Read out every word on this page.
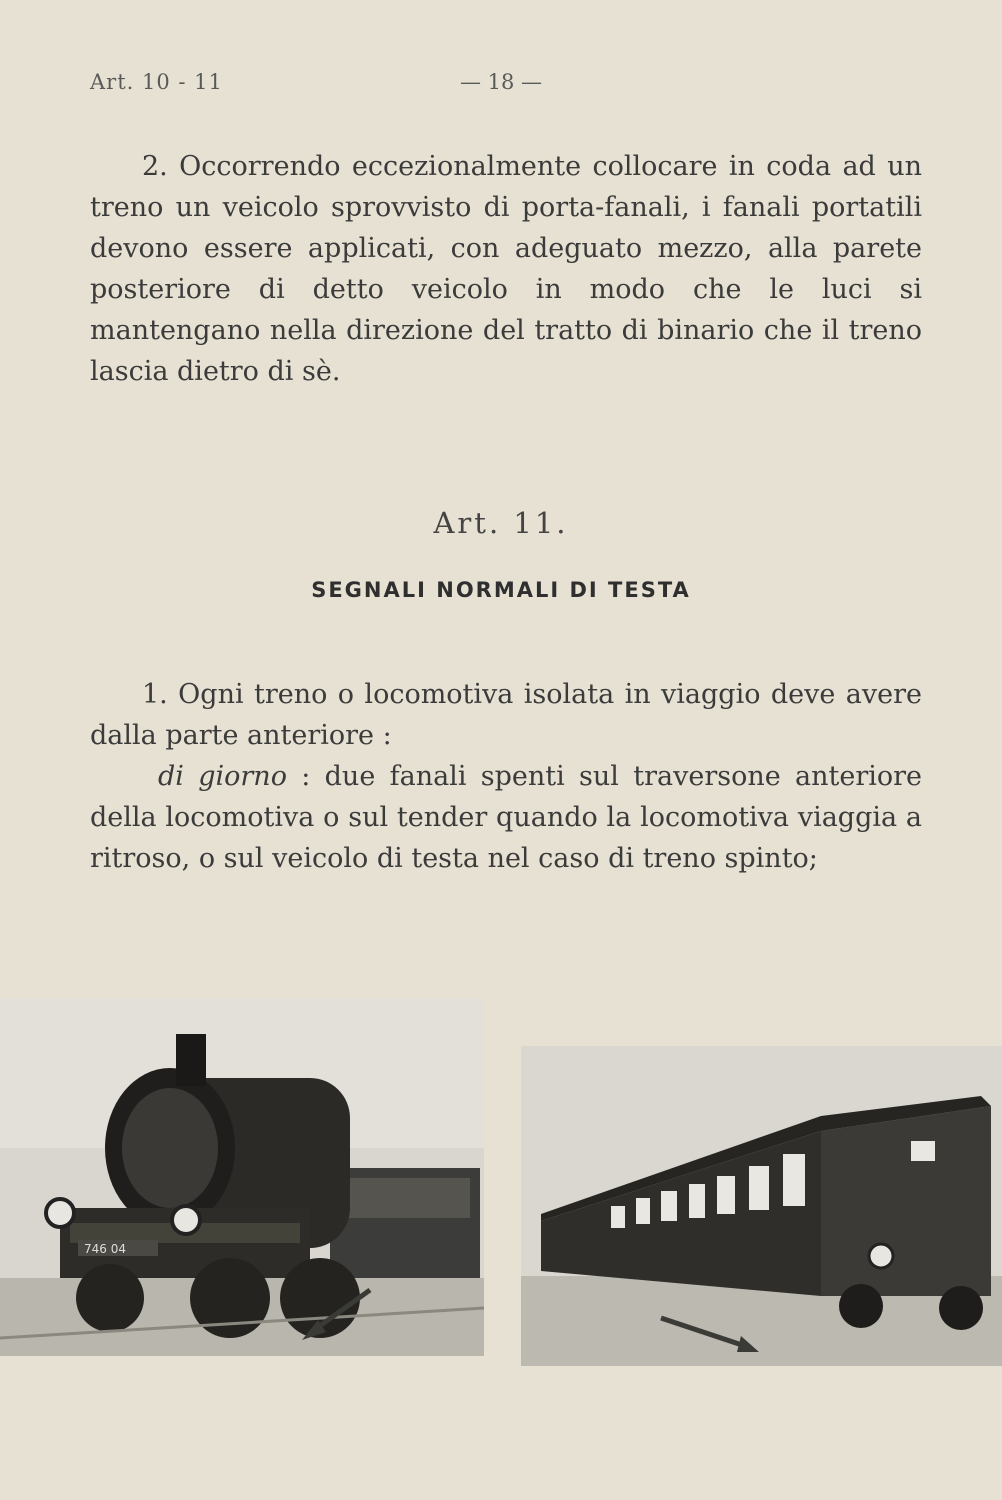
Art. 10 - 11	— 18 —

2. Occorrendo eccezionalmente collocare in coda ad un treno un veicolo sprovvisto di porta-fanali, i fanali portatili devono essere applicati, con adeguato mezzo, alla parete posteriore di detto veicolo in modo che le luci si mantengano nella direzione del tratto di binario che il treno lascia dietro di sè.

Art. 11.
SEGNALI NORMALI DI TESTA

1. Ogni treno o locomotiva isolata in viaggio deve avere dalla parte anteriore :

di giorno : due fanali spenti sul traversone anteriore della locomotiva o sul tender quando la locomotiva viaggia a ritroso, o sul veicolo di testa nel caso di treno spinto;

746 04
